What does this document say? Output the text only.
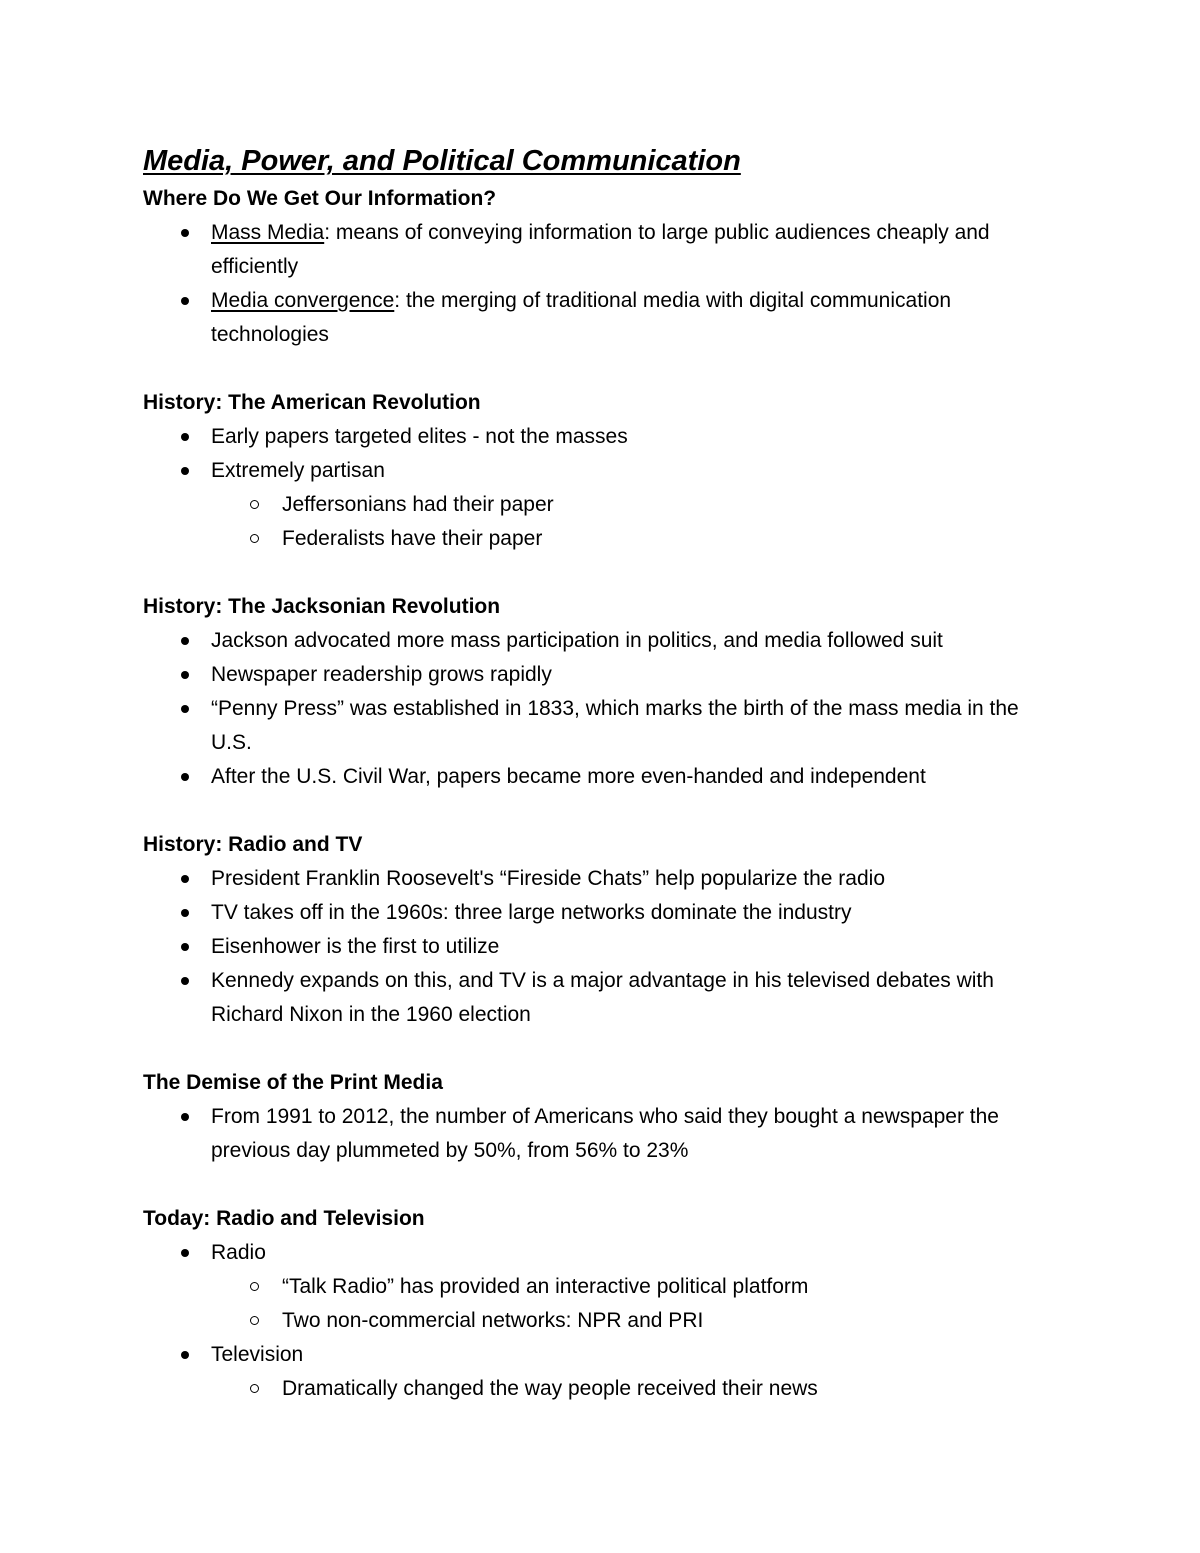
Media, Power, and Political Communication
Where Do We Get Our Information?
Mass Media: means of conveying information to large public audiences cheaply and efficiently
Media convergence: the merging of traditional media with digital communication technologies
History: The American Revolution
Early papers targeted elites - not the masses
Extremely partisan
Jeffersonians had their paper
Federalists have their paper
History: The Jacksonian Revolution
Jackson advocated more mass participation in politics, and media followed suit
Newspaper readership grows rapidly
“Penny Press” was established in 1833, which marks the birth of the mass media in the U.S.
After the U.S. Civil War, papers became more even-handed and independent
History: Radio and TV
President Franklin Roosevelt's “Fireside Chats” help popularize the radio
TV takes off in the 1960s: three large networks dominate the industry
Eisenhower is the first to utilize
Kennedy expands on this, and TV is a major advantage in his televised debates with Richard Nixon in the 1960 election
The Demise of the Print Media
From 1991 to 2012, the number of Americans who said they bought a newspaper the previous day plummeted by 50%, from 56% to 23%
Today: Radio and Television
Radio
“Talk Radio” has provided an interactive political platform
Two non-commercial networks: NPR and PRI
Television
Dramatically changed the way people received their news
